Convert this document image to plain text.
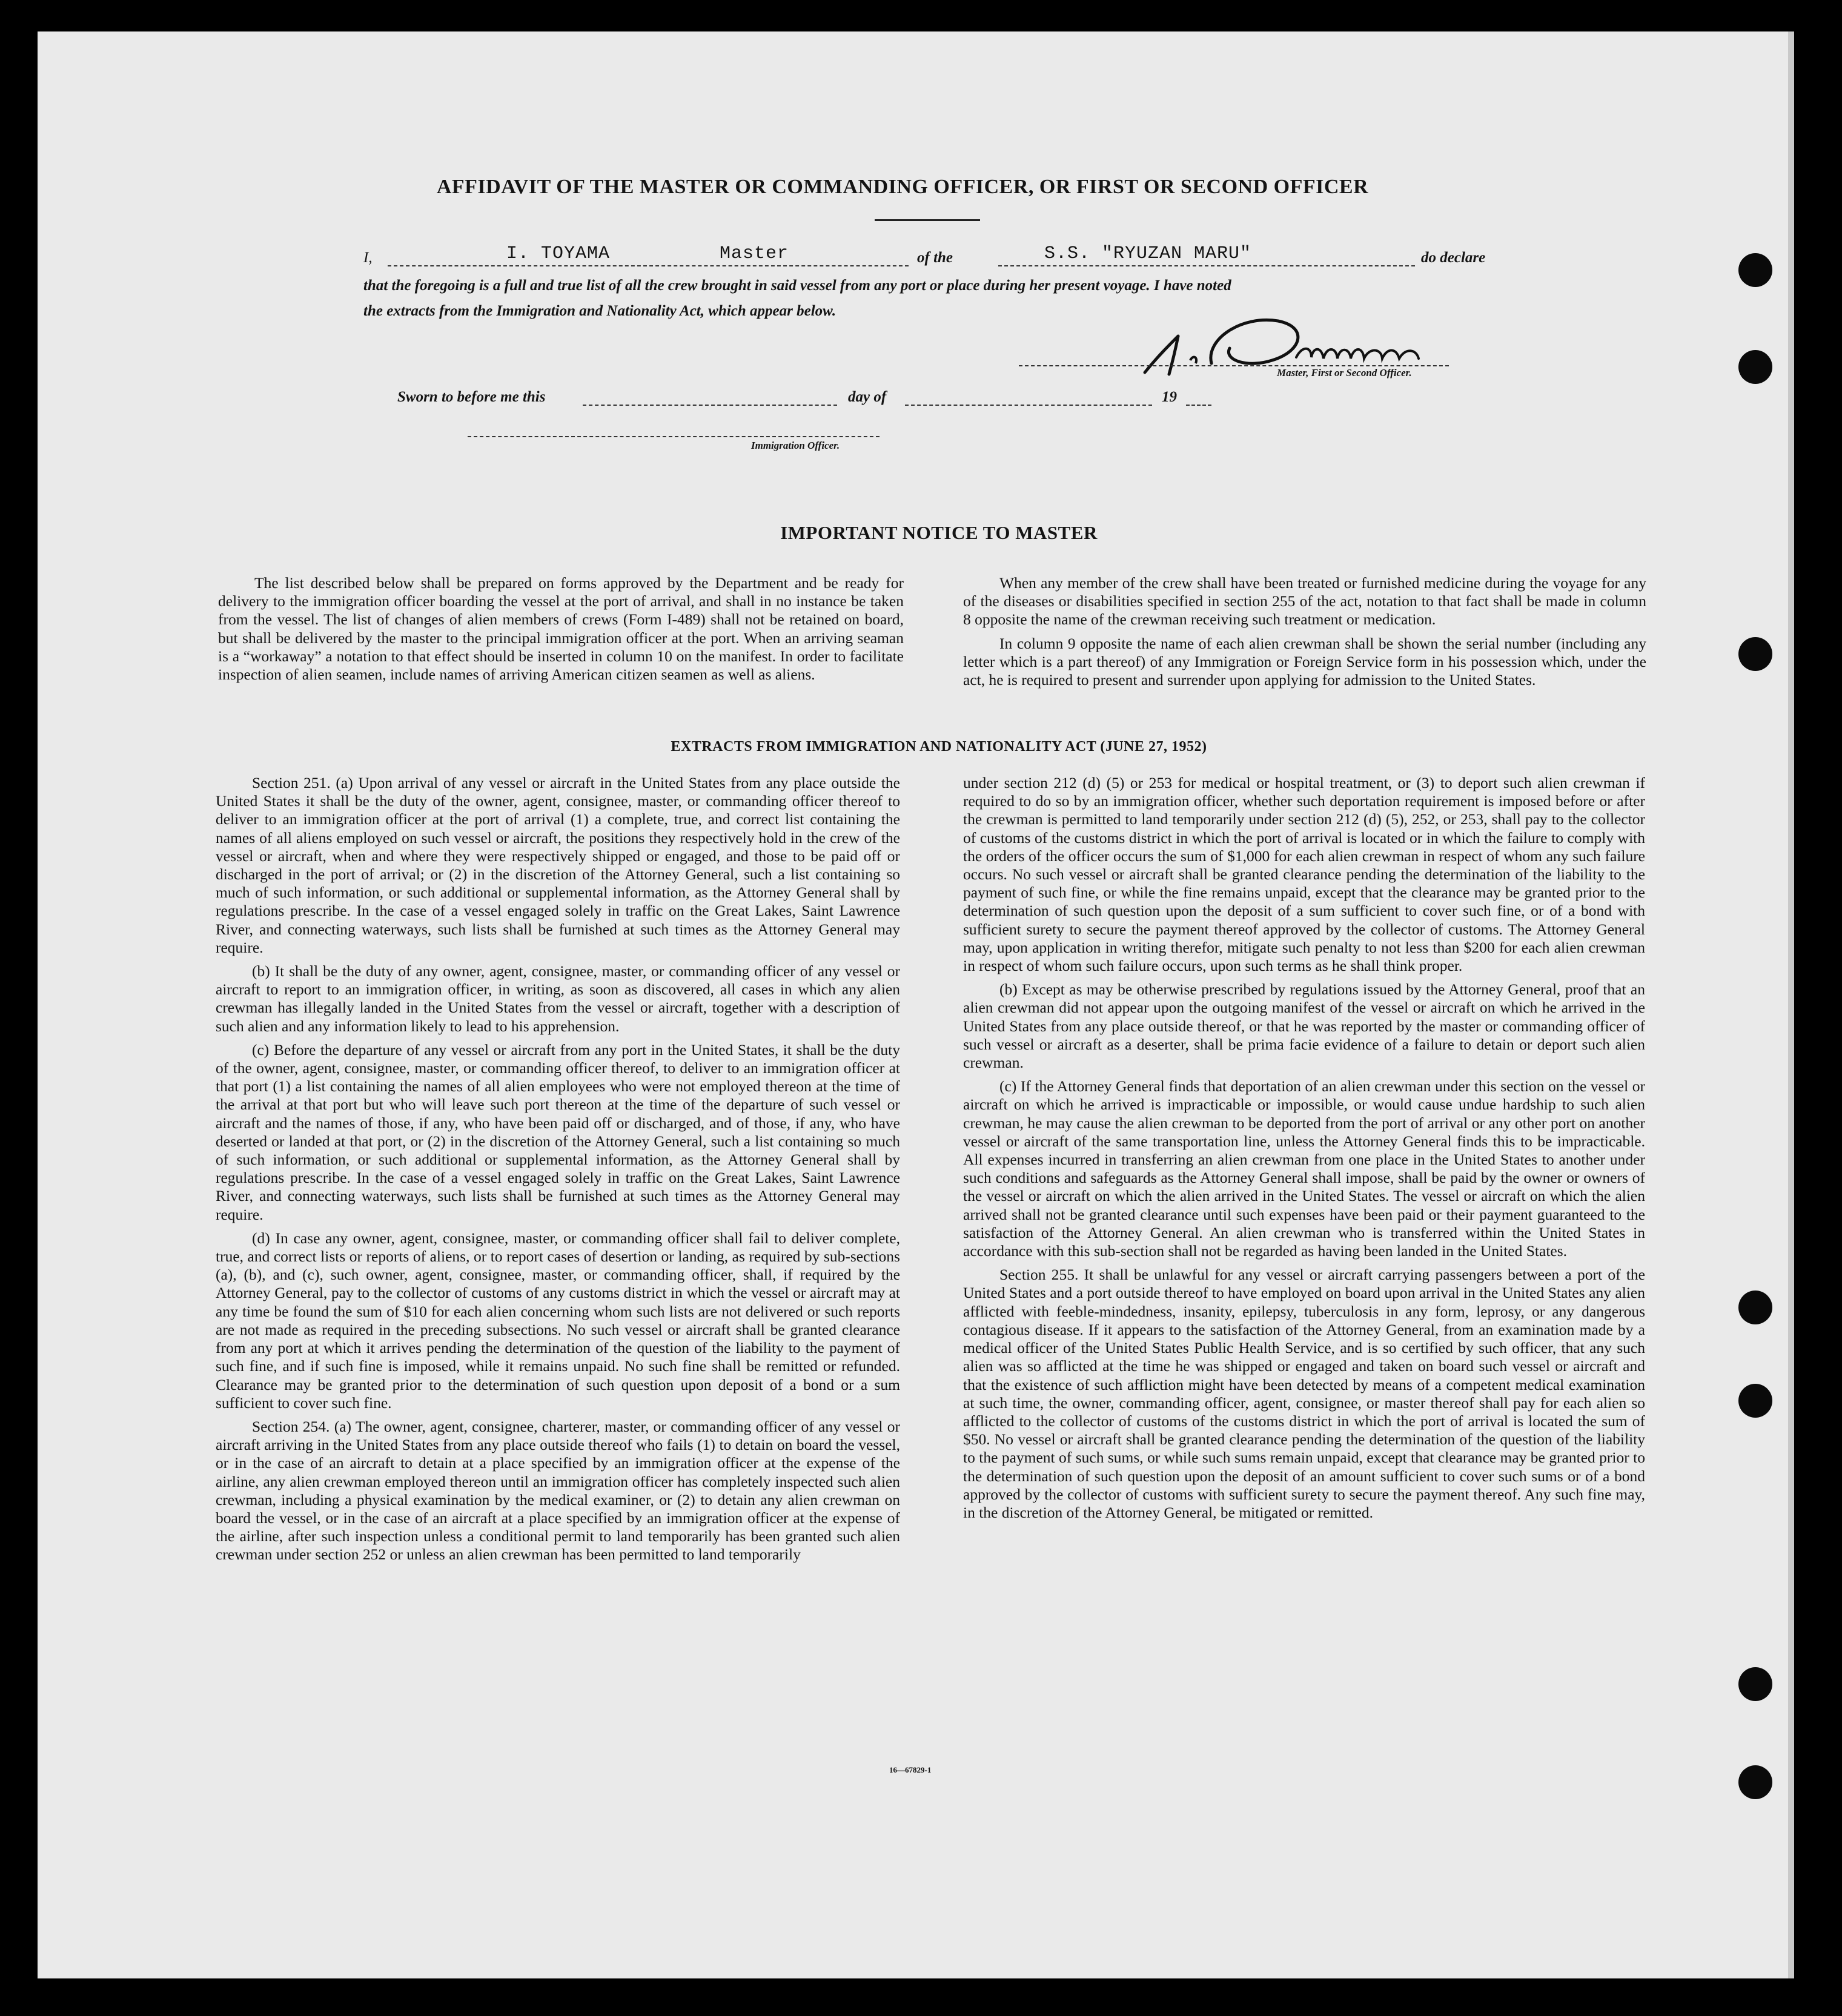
AFFIDAVIT OF THE MASTER OR COMMANDING OFFICER, OR FIRST OR SECOND OFFICER
I,	I. TOYAMA	Master	of the	S.S. "RYUZAN MARU"	do declare
that the foregoing is a full and true list of all the crew brought in said vessel from any port or place during her present voyage. I have noted
the extracts from the Immigration and Nationality Act, which appear below.
Master, First or Second Officer.
Sworn to before me this	day of	19
Immigration Officer.
IMPORTANT NOTICE TO MASTER

The list described below shall be prepared on forms approved by the Department and be ready for delivery to the immigration officer boarding the vessel at the port of arrival, and shall in no instance be taken from the vessel. The list of changes of alien members of crews (Form I-489) shall not be retained on board, but shall be delivered by the master to the principal immigration officer at the port. When an arriving seaman is a “workaway” a notation to that effect should be inserted in column 10 on the manifest. In order to facilitate inspection of alien seamen, include names of arriving American citizen seamen as well as aliens.

When any member of the crew shall have been treated or furnished medicine during the voyage for any of the diseases or disabilities specified in section 255 of the act, notation to that fact shall be made in column 8 opposite the name of the crewman receiving such treatment or medication.

In column 9 opposite the name of each alien crewman shall be shown the serial number (including any letter which is a part thereof) of any Immigration or Foreign Service form in his possession which, under the act, he is required to present and surrender upon applying for admission to the United States.

EXTRACTS FROM IMMIGRATION AND NATIONALITY ACT (JUNE 27, 1952)

Section 251. (a) Upon arrival of any vessel or aircraft in the United States from any place outside the United States it shall be the duty of the owner, agent, consignee, master, or commanding officer thereof to deliver to an immigration officer at the port of arrival (1) a complete, true, and correct list containing the names of all aliens employed on such vessel or aircraft, the positions they respectively hold in the crew of the vessel or aircraft, when and where they were respectively shipped or engaged, and those to be paid off or discharged in the port of arrival; or (2) in the discretion of the Attorney General, such a list containing so much of such information, or such additional or supplemental information, as the Attorney General shall by regulations prescribe. In the case of a vessel engaged solely in traffic on the Great Lakes, Saint Lawrence River, and connecting waterways, such lists shall be furnished at such times as the Attorney General may require.

(b) It shall be the duty of any owner, agent, consignee, master, or commanding officer of any vessel or aircraft to report to an immigration officer, in writing, as soon as discovered, all cases in which any alien crewman has illegally landed in the United States from the vessel or aircraft, together with a description of such alien and any information likely to lead to his apprehension.

(c) Before the departure of any vessel or aircraft from any port in the United States, it shall be the duty of the owner, agent, consignee, master, or commanding officer thereof, to deliver to an immigration officer at that port (1) a list containing the names of all alien employees who were not employed thereon at the time of the arrival at that port but who will leave such port thereon at the time of the departure of such vessel or aircraft and the names of those, if any, who have been paid off or discharged, and of those, if any, who have deserted or landed at that port, or (2) in the discretion of the Attorney General, such a list containing so much of such information, or such additional or supplemental information, as the Attorney General shall by regulations prescribe. In the case of a vessel engaged solely in traffic on the Great Lakes, Saint Lawrence River, and connecting waterways, such lists shall be furnished at such times as the Attorney General may require.

(d) In case any owner, agent, consignee, master, or commanding officer shall fail to deliver complete, true, and correct lists or reports of aliens, or to report cases of desertion or landing, as required by sub-sections (a), (b), and (c), such owner, agent, consignee, master, or commanding officer, shall, if required by the Attorney General, pay to the collector of customs of any customs district in which the vessel or aircraft may at any time be found the sum of $10 for each alien concerning whom such lists are not delivered or such reports are not made as required in the preceding subsections. No such vessel or aircraft shall be granted clearance from any port at which it arrives pending the determination of the question of the liability to the payment of such fine, and if such fine is imposed, while it remains unpaid. No such fine shall be remitted or refunded. Clearance may be granted prior to the determination of such question upon deposit of a bond or a sum sufficient to cover such fine.

Section 254. (a) The owner, agent, consignee, charterer, master, or commanding officer of any vessel or aircraft arriving in the United States from any place outside thereof who fails (1) to detain on board the vessel, or in the case of an aircraft to detain at a place specified by an immigration officer at the expense of the airline, any alien crewman employed thereon until an immigration officer has completely inspected such alien crewman, including a physical examination by the medical examiner, or (2) to detain any alien crewman on board the vessel, or in the case of an aircraft at a place specified by an immigration officer at the expense of the airline, after such inspection unless a conditional permit to land temporarily has been granted such alien crewman under section 252 or unless an alien crewman has been permitted to land temporarily

under section 212 (d) (5) or 253 for medical or hospital treatment, or (3) to deport such alien crewman if required to do so by an immigration officer, whether such deportation requirement is imposed before or after the crewman is permitted to land temporarily under section 212 (d) (5), 252, or 253, shall pay to the collector of customs of the customs district in which the port of arrival is located or in which the failure to comply with the orders of the officer occurs the sum of $1,000 for each alien crewman in respect of whom any such failure occurs. No such vessel or aircraft shall be granted clearance pending the determination of the liability to the payment of such fine, or while the fine remains unpaid, except that the clearance may be granted prior to the determination of such question upon the deposit of a sum sufficient to cover such fine, or of a bond with sufficient surety to secure the payment thereof approved by the collector of customs. The Attorney General may, upon application in writing therefor, mitigate such penalty to not less than $200 for each alien crewman in respect of whom such failure occurs, upon such terms as he shall think proper.

(b) Except as may be otherwise prescribed by regulations issued by the Attorney General, proof that an alien crewman did not appear upon the outgoing manifest of the vessel or aircraft on which he arrived in the United States from any place outside thereof, or that he was reported by the master or commanding officer of such vessel or aircraft as a deserter, shall be prima facie evidence of a failure to detain or deport such alien crewman.

(c) If the Attorney General finds that deportation of an alien crewman under this section on the vessel or aircraft on which he arrived is impracticable or impossible, or would cause undue hardship to such alien crewman, he may cause the alien crewman to be deported from the port of arrival or any other port on another vessel or aircraft of the same transportation line, unless the Attorney General finds this to be impracticable. All expenses incurred in transferring an alien crewman from one place in the United States to another under such conditions and safeguards as the Attorney General shall impose, shall be paid by the owner or owners of the vessel or aircraft on which the alien arrived in the United States. The vessel or aircraft on which the alien arrived shall not be granted clearance until such expenses have been paid or their payment guaranteed to the satisfaction of the Attorney General. An alien crewman who is transferred within the United States in accordance with this sub-section shall not be regarded as having been landed in the United States.

Section 255. It shall be unlawful for any vessel or aircraft carrying passengers between a port of the United States and a port outside thereof to have employed on board upon arrival in the United States any alien afflicted with feeble-mindedness, insanity, epilepsy, tuberculosis in any form, leprosy, or any dangerous contagious disease. If it appears to the satisfaction of the Attorney General, from an examination made by a medical officer of the United States Public Health Service, and is so certified by such officer, that any such alien was so afflicted at the time he was shipped or engaged and taken on board such vessel or aircraft and that the existence of such affliction might have been detected by means of a competent medical examination at such time, the owner, commanding officer, agent, consignee, or master thereof shall pay for each alien so afflicted to the collector of customs of the customs district in which the port of arrival is located the sum of $50. No vessel or aircraft shall be granted clearance pending the determination of the question of the liability to the payment of such sums, or while such sums remain unpaid, except that clearance may be granted prior to the determination of such question upon the deposit of an amount sufficient to cover such sums or of a bond approved by the collector of customs with sufficient surety to secure the payment thereof. Any such fine may, in the discretion of the Attorney General, be mitigated or remitted.

16—67829-1
